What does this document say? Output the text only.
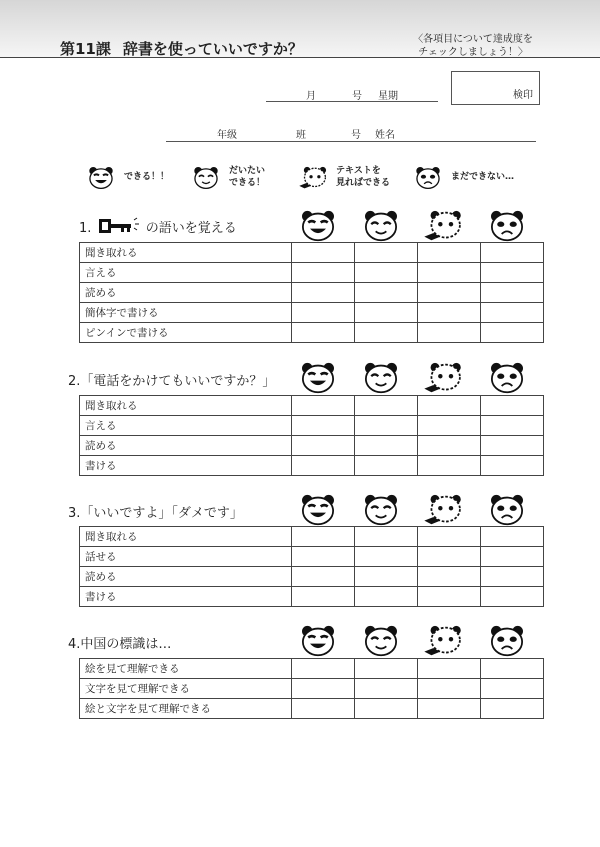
第11課 辞書を使っていいですか？
〈各項目について達成度を
チェックしましょう！〉
月	号 星期	検印
年级	班	号 姓名
できる！！
だいたい
できる！
テキストを
見ればできる
まだできない…
1.	の語いを覚える
聞き取れる				
言える				
読める				
簡体字で書ける				
ピンインで書ける				
2.「電話をかけてもいいですか？」
聞き取れる				
言える				
読める				
書ける				
3.「いいですよ」「ダメです」
聞き取れる				
話せる				
読める				
書ける				
4.中国の標識は…
絵を見て理解できる				
文字を見て理解できる				
絵と文字を見て理解できる				
